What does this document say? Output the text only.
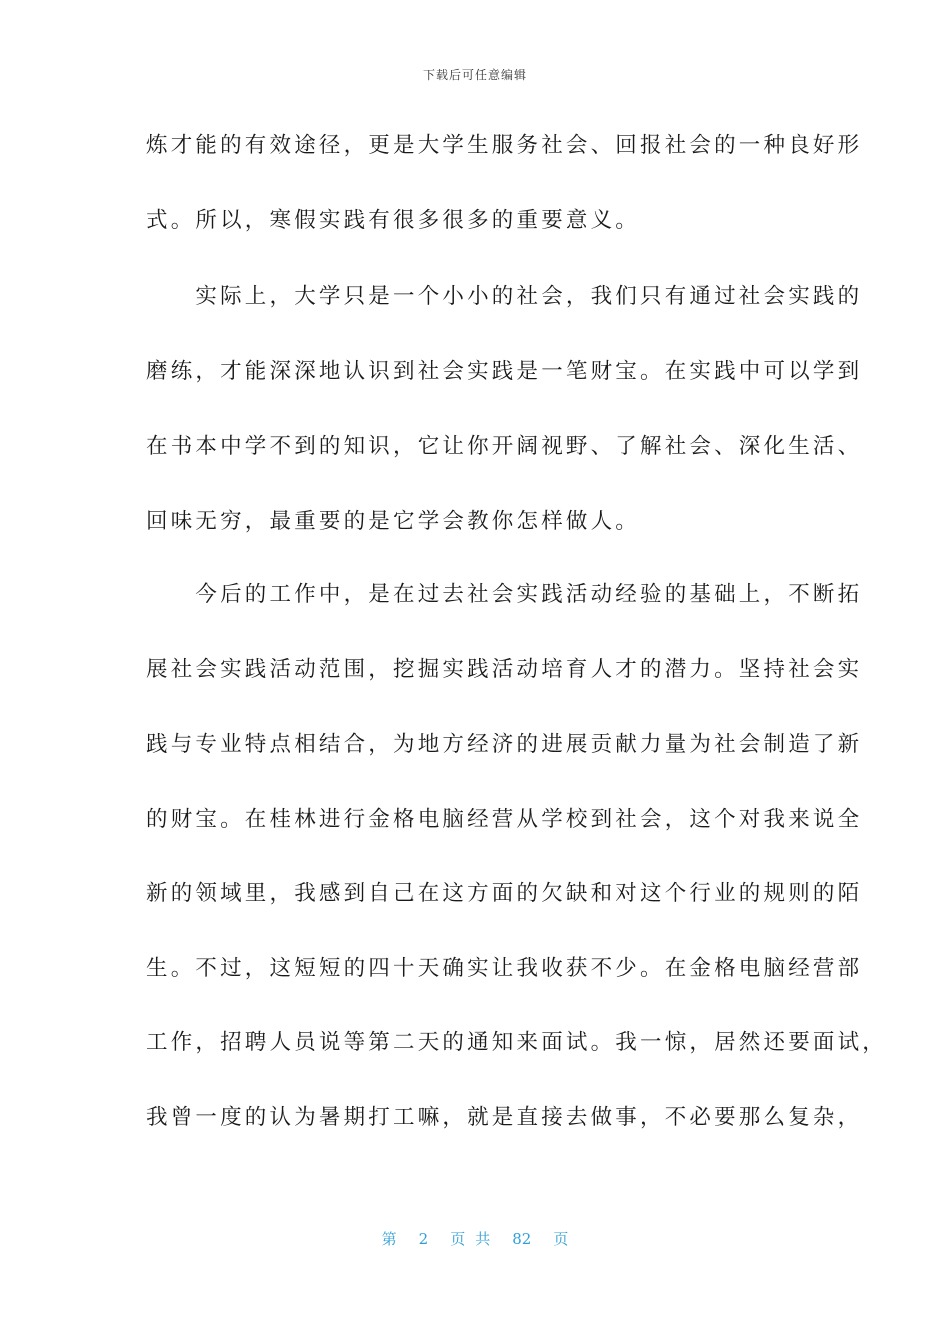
下载后可任意编辑
炼才能的有效途径，更是大学生服务社会、回报社会的一种良好形
式。所以，寒假实践有很多很多的重要意义。
　　实际上，大学只是一个小小的社会，我们只有通过社会实践的
磨练，才能深深地认识到社会实践是一笔财宝。在实践中可以学到
在书本中学不到的知识，它让你开阔视野、了解社会、深化生活、
回味无穷，最重要的是它学会教你怎样做人。
　　今后的工作中，是在过去社会实践活动经验的基础上，不断拓
展社会实践活动范围，挖掘实践活动培育人才的潜力。坚持社会实
践与专业特点相结合，为地方经济的进展贡献力量为社会制造了新
的财宝。在桂林进行金格电脑经营从学校到社会，这个对我来说全
新的领域里，我感到自己在这方面的欠缺和对这个行业的规则的陌
生。不过，这短短的四十天确实让我收获不少。在金格电脑经营部
工作，招聘人员说等第二天的通知来面试。我一惊，居然还要面试，
我曾一度的认为暑期打工嘛，就是直接去做事，不必要那么复杂，
第 2 页共 82 页
